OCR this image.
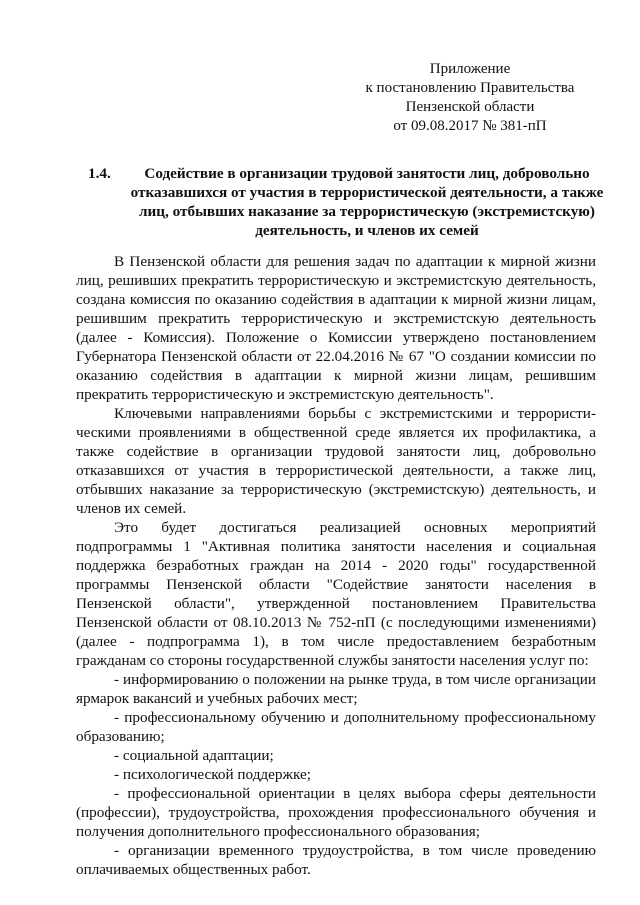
Приложение
к постановлению Правительства
Пензенской области
от 09.08.2017 № 381-пП
1.4.	Содействие в организации трудовой занятости лиц, добровольно отказавшихся от участия в террористической деятельности, а также лиц, отбывших наказание за террористическую (экстремистскую) деятельность, и членов их семей

В Пензенской области для решения задач по адаптации к мирной жизни лиц, решивших прекратить террористическую и экстремистскую деятельность, создана комиссия по оказанию содействия в адаптации к мирной жизни лицам, решившим прекратить террористическую и экстремистскую деятельность (далее - Комиссия). Положение о Комиссии утверждено постановлением Губернатора Пензенской области от 22.04.2016 № 67 "О создании комиссии по оказанию содействия в адаптации к мирной жизни лицам, решившим прекратить террористическую и экстремистскую деятельность".

Ключевыми направлениями борьбы с экстремистскими и террористическими проявлениями в общественной среде является их профилактика, а также содействие в организации трудовой занятости лиц, добровольно отказавшихся от участия в террористической деятельности, а также лиц, отбывших наказание за террористическую (экстремистскую) деятельность, и членов их семей.

Это будет достигаться реализацией основных мероприятий подпрограммы 1 "Активная политика занятости населения и социальная поддержка безработных граждан на 2014 - 2020 годы" государственной программы Пензенской области "Содействие занятости населения в Пензенской области", утвержденной постановлением Правительства Пензенской области от 08.10.2013 № 752-пП (с последующими изменениями) (далее - подпрограмма 1), в том числе предоставлением безработным гражданам со стороны государственной службы занятости населения услуг по:

- информированию о положении на рынке труда, в том числе организации ярмарок вакансий и учебных рабочих мест;

- профессиональному обучению и дополнительному профессиональному образованию;

- социальной адаптации;

- психологической поддержке;

- профессиональной ориентации в целях выбора сферы деятельности (профессии), трудоустройства, прохождения профессионального обучения и получения дополнительного профессионального образования;

- организации временного трудоустройства, в том числе проведению оплачиваемых общественных работ.
